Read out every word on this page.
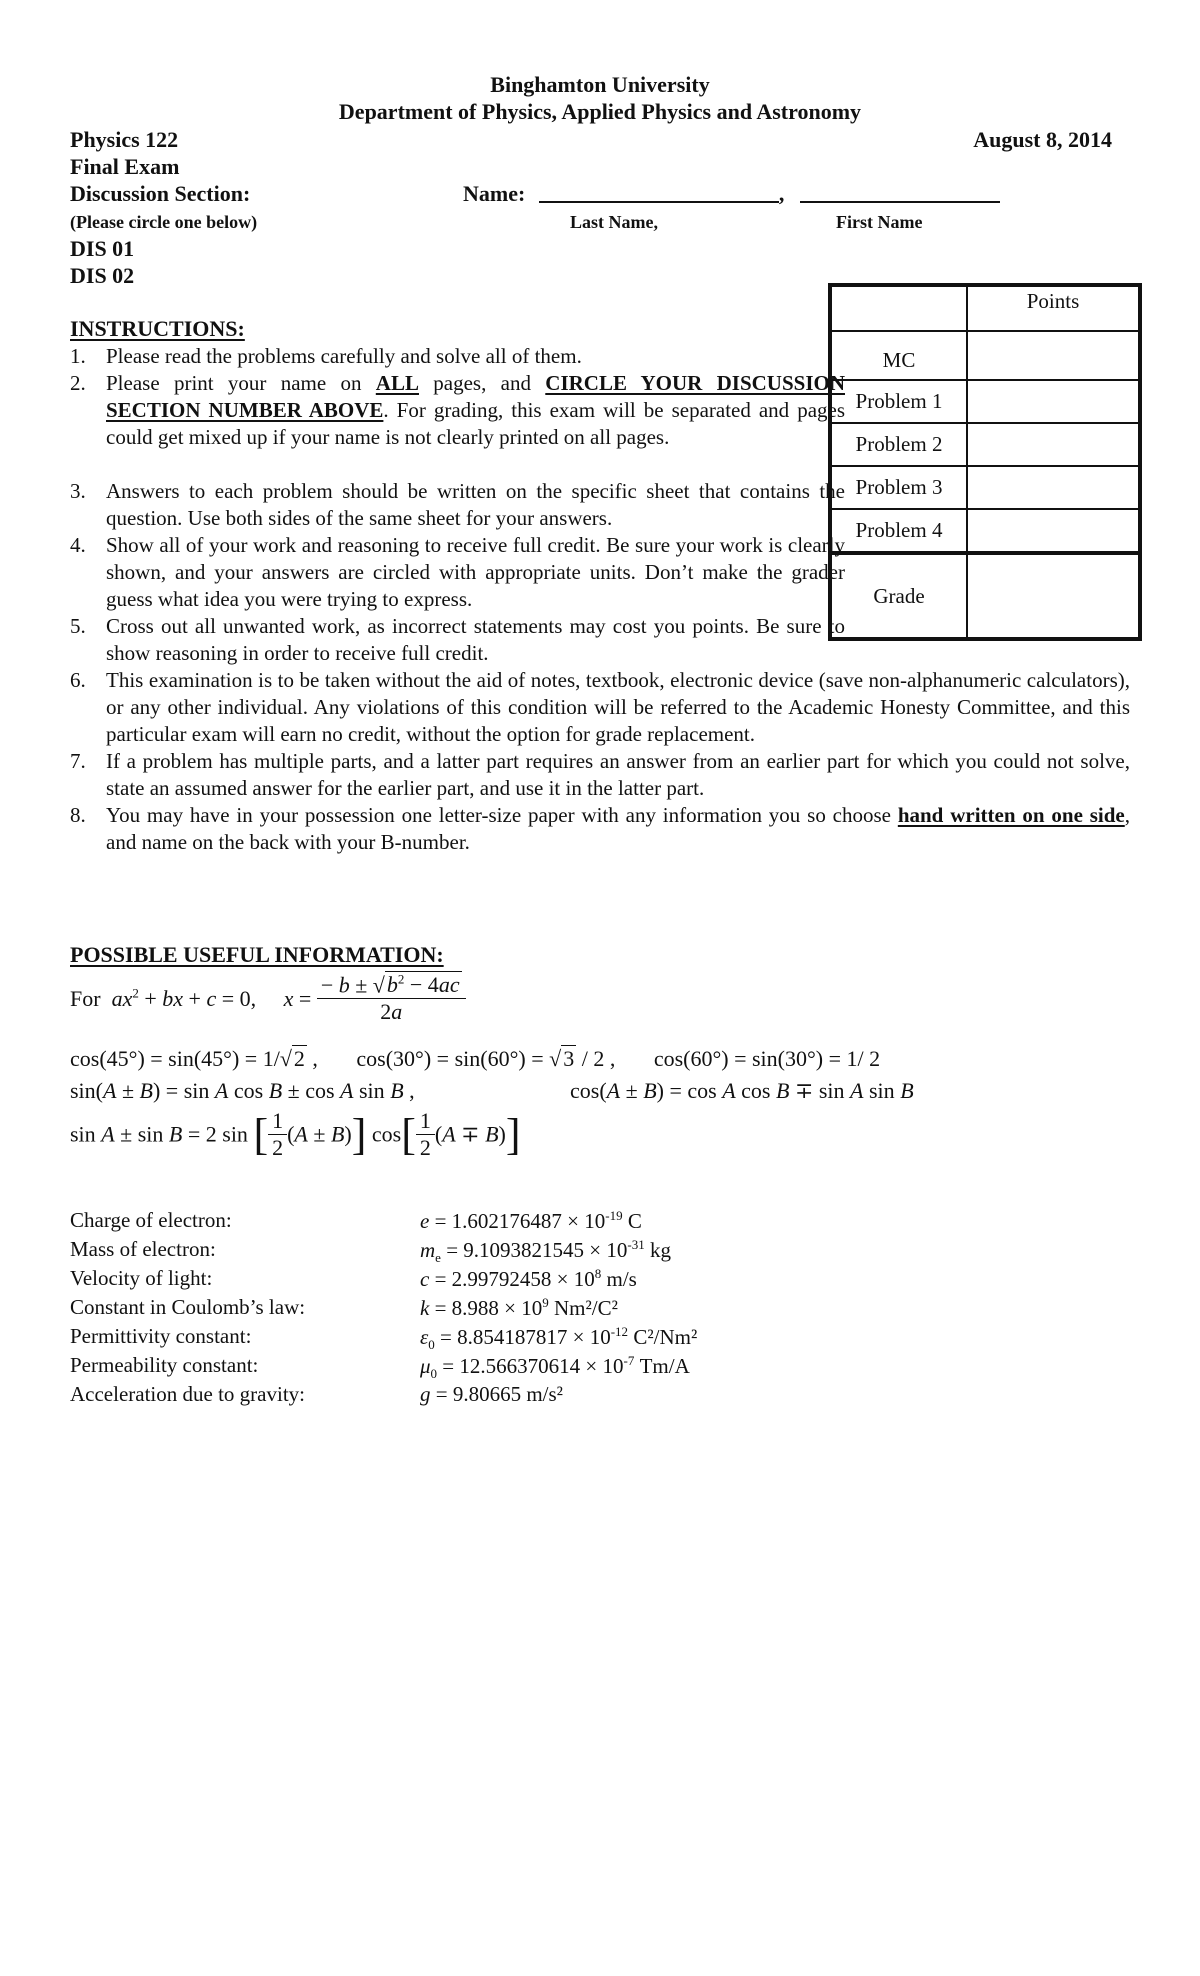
Binghamton University
Department of Physics, Applied Physics and Astronomy
Physics 122	August 8, 2014
Final Exam
Discussion Section:	Name:	,
(Please circle one below)	Last Name,	First Name
DIS 01
DIS 02
	Points
MC	
Problem 1	
Problem 2	
Problem 3	
Problem 4	
Grade	
INSTRUCTIONS:
1. Please read the problems carefully and solve all of them.
2. Please print your name on ALL pages, and CIRCLE YOUR DISCUSSION SECTION NUMBER ABOVE. For grading, this exam will be separated and pages could get mixed up if your name is not clearly printed on all pages.
3. Answers to each problem should be written on the specific sheet that contains the question. Use both sides of the same sheet for your answers.
4. Show all of your work and reasoning to receive full credit. Be sure your work is clearly shown, and your answers are circled with appropriate units. Don’t make the grader guess what idea you were trying to express.
5. Cross out all unwanted work, as incorrect statements may cost you points. Be sure to show reasoning in order to receive full credit.
6. This examination is to be taken without the aid of notes, textbook, electronic device (save non-alphanumeric calculators), or any other individual. Any violations of this condition will be referred to the Academic Honesty Committee, and this particular exam will earn no credit, without the option for grade replacement.
7. If a problem has multiple parts, and a latter part requires an answer from an earlier part for which you could not solve, state an assumed answer for the earlier part, and use it in the latter part.
8. You may have in your possession one letter-size paper with any information you so choose hand written on one side, and name on the back with your B-number.
POSSIBLE USEFUL INFORMATION:
For  $ax^2$ + bx + c = 0,     $x = \frac{- b \pm √b^2 - 4ac}{2a}$
cos(45°) = sin(45°) = 1/√2 ,       cos(30°) = sin(60°) = √3 / 2 ,       cos(60°) = sin(30°) = 1/ 2
sin(A ± B) = sin A cos B ± cos A sin B ,	cos(A ± B) = cos A cos B ∓ sin A sin B
sin A ± sin B = 2 sin [ $\frac{1}{2} (A \pm B)$] $\cos[ \frac{1}{2} (A \mp B)]$
Charge of electron:	$e = 1.602176487 \times 10^{-19}$ C
Mass of electron:	$m_e = 9.1093821545 \times 10^{-31}$ kg
Velocity of light:	$c = 2.99792458 \times 10^8$ m/s
Constant in Coulomb’s law:	$k = 8.988 \times 10^9$ Nm²/C²
Permittivity constant:	$\varepsilon_0 = 8.854187817 \times 10^{-12}$ C²/Nm²
Permeability constant:	$\mu_0 = 12.566370614 \times 10^{-7}$ Tm/A
Acceleration due to gravity:	g = 9.80665 m/s²
